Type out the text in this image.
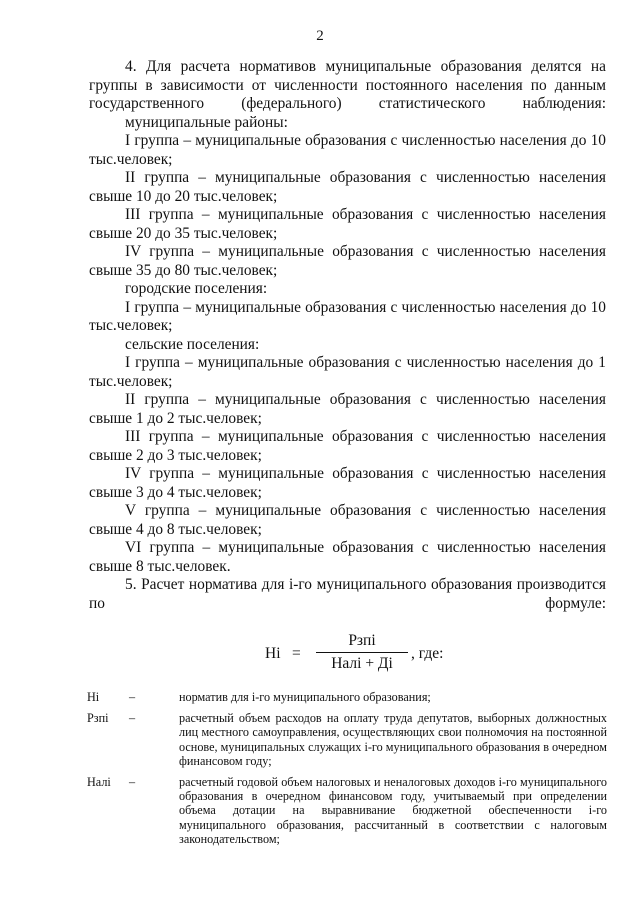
2

4. Для расчета нормативов муниципальные образования делятся на группы в зависимости от численности постоянного населения по данным государственного (федерального) статистического наблюдения:

муниципальные районы:

I группа – муниципальные образования с численностью населения до 10 тыс.человек;

II группа – муниципальные образования с численностью населения свыше 10 до 20 тыс.человек;

III группа – муниципальные образования с численностью населения свыше 20 до 35 тыс.человек;

IV группа – муниципальные образования с численностью населения свыше 35 до 80 тыс.человек;

городские поселения:

I группа – муниципальные образования с численностью населения до 10 тыс.человек;

сельские поселения:

I группа – муниципальные образования с численностью населения до 1 тыс.человек;

II группа – муниципальные образования с численностью населения свыше 1 до 2 тыс.человек;

III группа – муниципальные образования с численностью населения свыше 2 до 3 тыс.человек;

IV группа – муниципальные образования с численностью населения свыше 3 до 4 тыс.человек;

V группа – муниципальные образования с численностью населения свыше 4 до 8 тыс.человек;

VI группа – муниципальные образования с численностью населения свыше 8 тыс.человек.

5. Расчет норматива для i-го муниципального образования производится по формуле:

Нi =
Рзпi
Налi + Дi
, где:
Нi	–	норматив для i-го муниципального образования;
Рзпi	–	расчетный объем расходов на оплату труда депутатов, выборных должностных лиц местного самоуправления, осуществляющих свои полномочия на постоянной основе, муниципальных служащих i-го муниципального образования в очередном финансовом году;
Налi	–	расчетный годовой объем налоговых и неналоговых доходов i-го муниципального образования в очередном финансовом году, учитываемый при определении объема дотации на выравнивание бюджетной обеспеченности i-го муниципального образования, рассчитанный в соответствии с налоговым законодательством;
